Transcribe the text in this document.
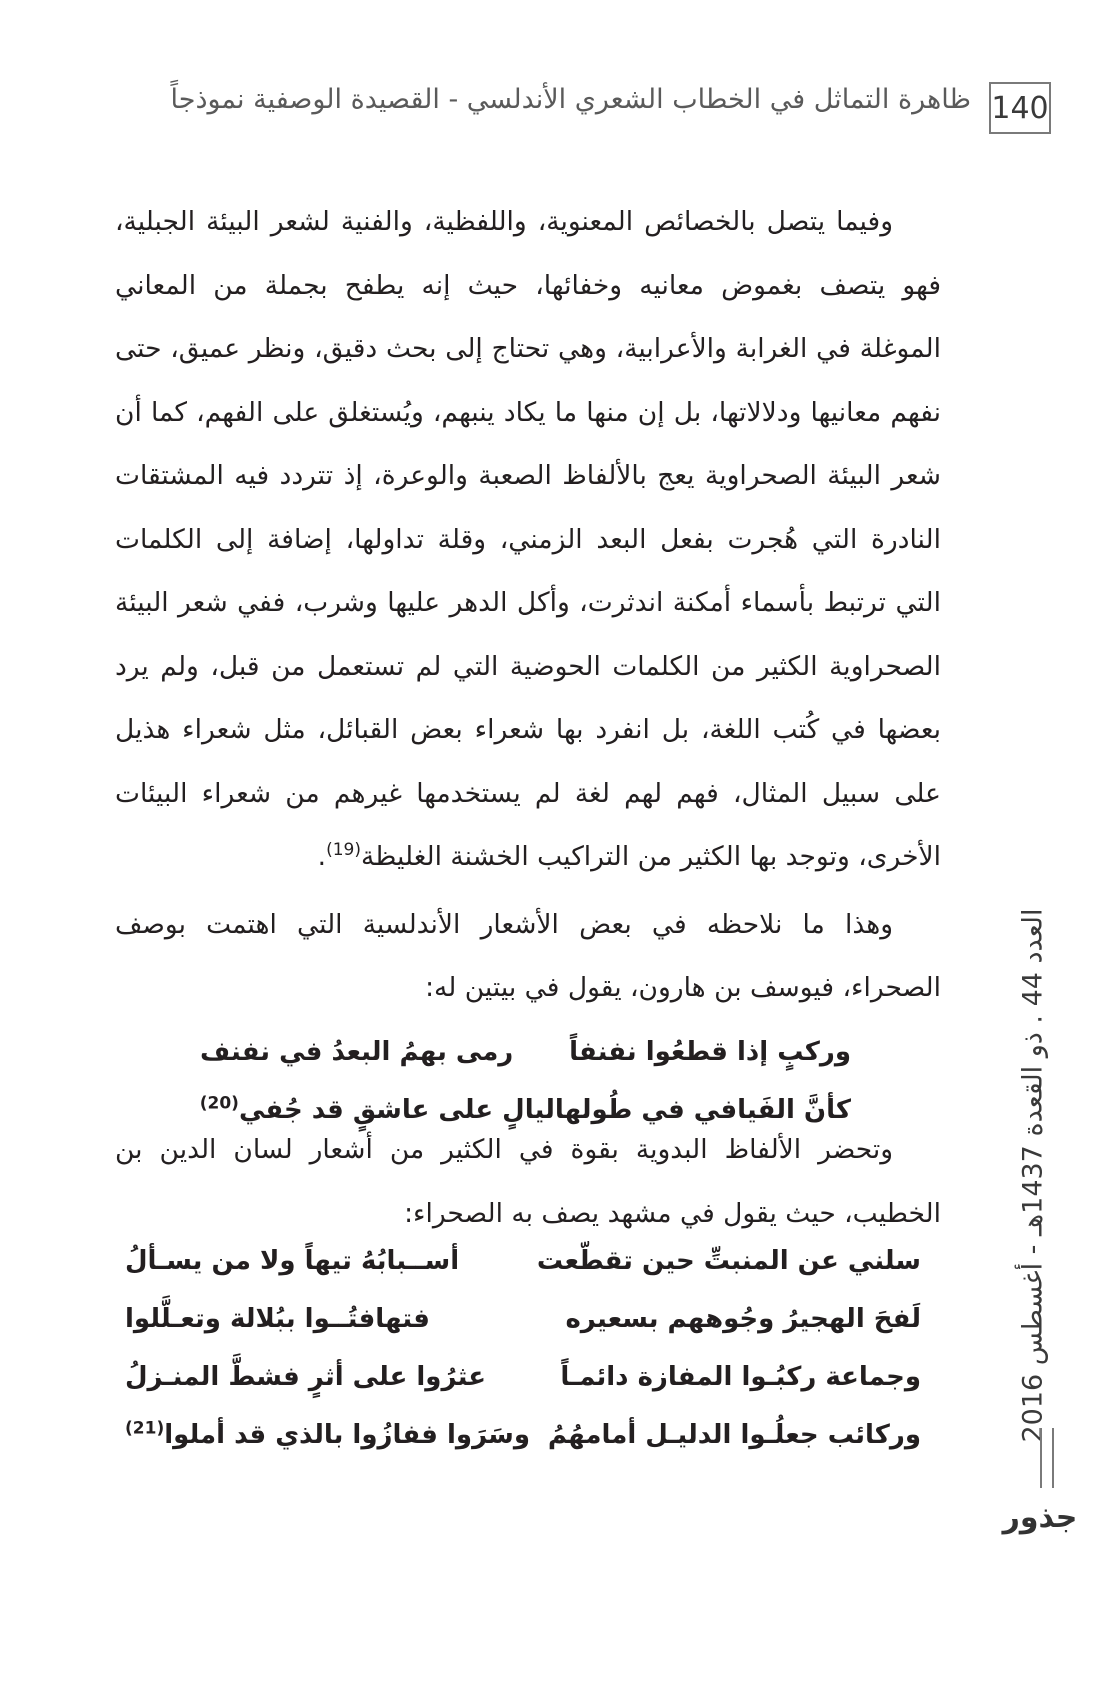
140
ظاهرة التماثل في الخطاب الشعري الأندلسي - القصيدة الوصفية نموذجاً

وفيما يتصل بالخصائص المعنوية، واللفظية، والفنية لشعر البيئة الجبلية، فهو يتصف بغموض معانيه وخفائها، حيث إنه يطفح بجملة من المعاني الموغلة في الغرابة والأعرابية، وهي تحتاج إلى بحث دقيق، ونظر عميق، حتى نفهم معانيها ودلالاتها، بل إن منها ما يكاد ينبهم، ويُستغلق على الفهم، كما أن شعر البيئة الصحراوية يعج بالألفاظ الصعبة والوعرة، إذ تتردد فيه المشتقات النادرة التي هُجرت بفعل البعد الزمني، وقلة تداولها، إضافة إلى الكلمات التي ترتبط بأسماء أمكنة اندثرت، وأكل الدهر عليها وشرب، ففي شعر البيئة الصحراوية الكثير من الكلمات الحوضية التي لم تستعمل من قبل، ولم يرد بعضها في كُتب اللغة، بل انفرد بها شعراء بعض القبائل، مثل شعراء هذيل على سبيل المثال، فهم لهم لغة لم يستخدمها غيرهم من شعراء البيئات الأخرى، وتوجد بها الكثير من التراكيب الخشنة الغليظة$^{(19)}$.

وهذا ما نلاحظه في بعض الأشعار الأندلسية التي اهتمت بوصف الصحراء، فيوسف بن هارون، يقول في بيتين له:

وركبٍ إذا قطعُوا نفنفاً
رمى بهمُ البعدُ في نفنف
كأنَّ الفَيافي في طُولها
ليالٍ على عاشقٍ قد جُفي$^{(20)}$

وتحضر الألفاظ البدوية بقوة في الكثير من أشعار لسان الدين بن الخطيب، حيث يقول في مشهد يصف به الصحراء:

سلني عن المنبتِّ حين تقطّعت
أســبابُهُ تيهاً ولا من يسـألُ
لَفحَ الهجيرُ وجُوههم بسعيره
فتهافتُــوا ببُلالة وتعـلَّلوا
وجماعة ركبُـوا المفازة دائمـاً
عثرُوا على أثرٍ فشطَّ المنـزلُ
وركائب جعلُـوا الدليـل أمامهُمُ
وسَرَوا ففازُوا بالذي قد أملوا$^{(21)}$	العدد 44 . ذو القعدة 1437هـ - أغسطس 2016
جذور
